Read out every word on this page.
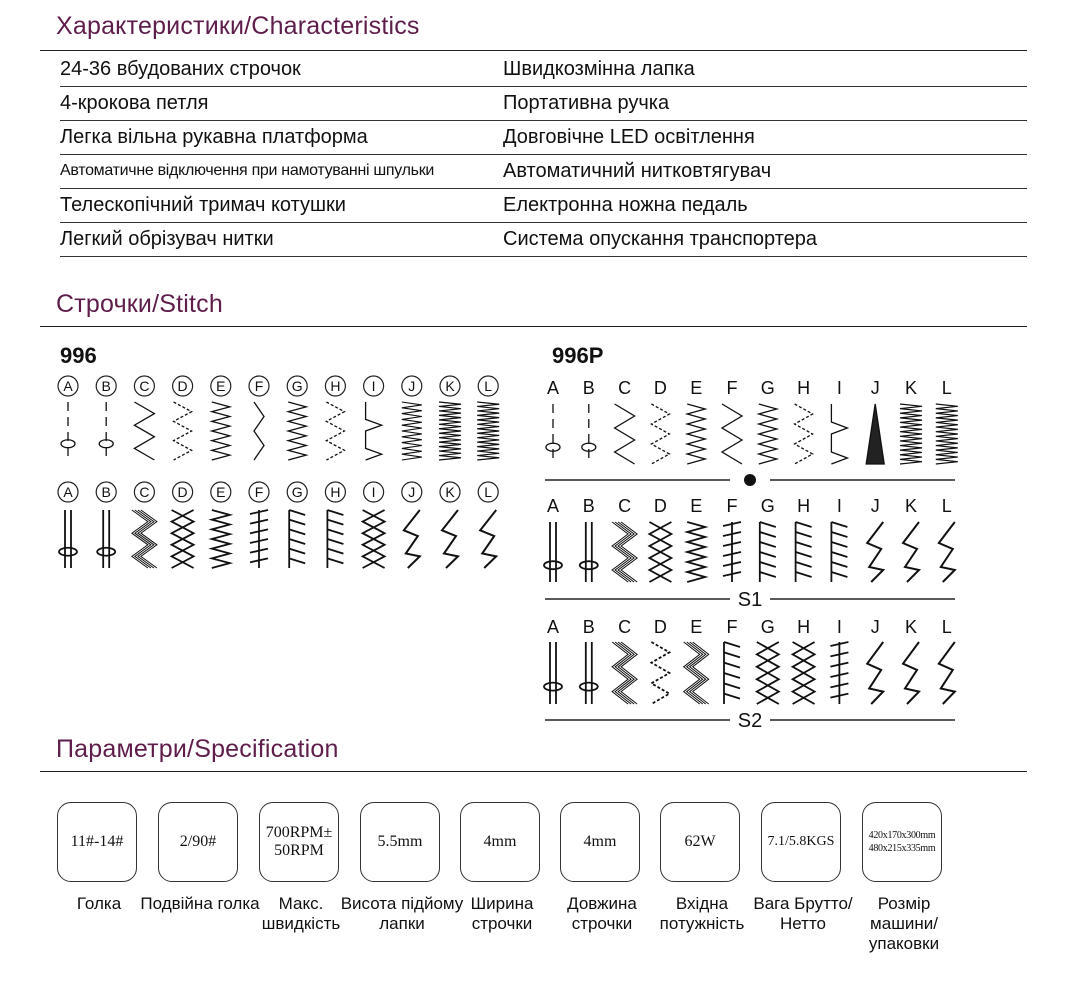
Характеристики/Characteristics
24-36 вбудованих строчок	Швидкозмінна лапка
4-крокова петля	Портативна ручка
Легка вільна рукавна платформа	Довговічне LED освітлення
Автоматичне відключення при намотуванні шпульки	Автоматичний нитковтягувач
Телескопічний тримач котушки	Електронна ножна педаль
Легкий обрізувач нитки	Система опускання транспортера
Строчки/Stitch
996	996P
A
A
B
B
C
C
D
D
E
E
F
F
G
G
H
H
I
I
J
J
K
K
L
L
A B C D E F G H I J K L
A B C D E F G H I J K L
S1
A B C D E F G H I J K L
S2
Параметри/Specification
11#-14#
Голка
2/90#
Подвійна голка
700RPM± 50RPM
Макс. швидкість
5.5mm
Висота підйому лапки
4mm
Ширина строчки
4mm
Довжина строчки
62W
Вхідна потужність
7.1/5.8KGS
Вага Брутто/Нетто
420x170x300mm 480x215x335mm
Розмір машини/ упаковки
